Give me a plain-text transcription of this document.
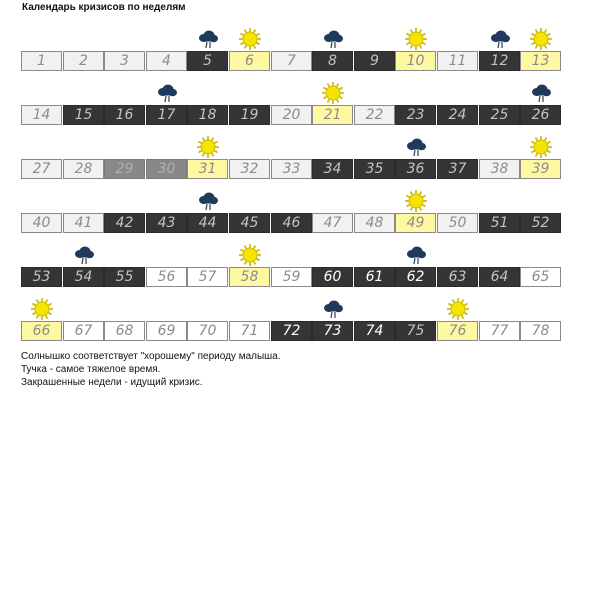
Календарь кризисов по неделям
1	2	3	4	5	6	7	8	9	10	11	12	13
14	15	16	17	18	19	20	21	22	23	24	25	26
27	28	29	30	31	32	33	34	35	36	37	38	39
40	41	42	43	44	45	46	47	48	49	50	51	52
53	54	55	56	57	58	59	60	61	62	63	64	65
66	67	68	69	70	71	72	73	74	75	76	77	78
Солнышко соответствует "хорошему" периоду малыша.
Тучка - самое тяжелое время.
Закрашенные недели - идущий кризис.
